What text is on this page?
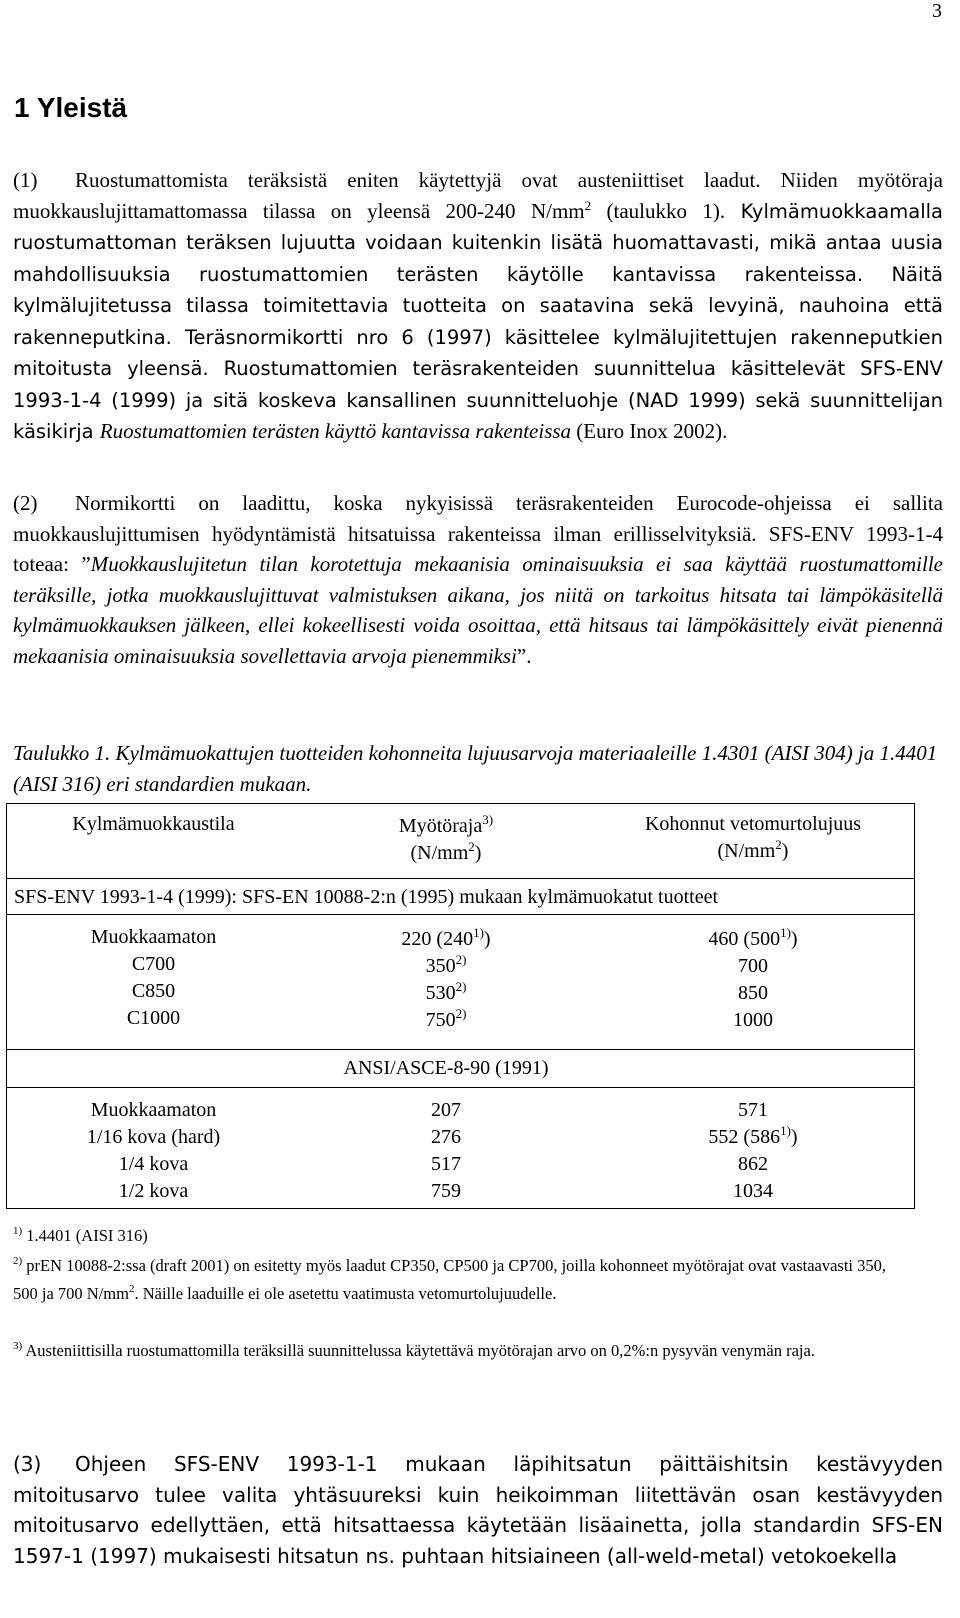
3
1 Yleistä
(1) Ruostumattomista teräksistä eniten käytettyjä ovat austeniittiset laadut. Niiden myötöraja muokkauslujittamattomassa tilassa on yleensä 200-240 $N/mm^2$ (taulukko 1). Kylmämuokkaamalla ruostumattoman teräksen lujuutta voidaan kuitenkin lisätä huomattavasti, mikä antaa uusia mahdollisuuksia ruostumattomien terästen käytölle kantavissa rakenteissa. Näitä kylmälujitetussa tilassa toimitettavia tuotteita on saatavina sekä levyinä, nauhoina että rakenneputkina. Teräsnormikortti nro 6 (1997) käsittelee kylmälujitettujen rakenneputkien mitoitusta yleensä. Ruostumattomien teräsrakenteiden suunnittelua käsittelevät SFS-ENV 1993-1-4 (1999) ja sitä koskeva kansallinen suunnitteluohje (NAD 1999) sekä suunnittelijan käsikirja Ruostumattomien terästen käyttö kantavissa rakenteissa (Euro Inox 2002).
(2) Normikortti on laadittu, koska nykyisissä teräsrakenteiden Eurocode-ohjeissa ei sallita muokkauslujittumisen hyödyntämistä hitsatuissa rakenteissa ilman erillisselvityksiä. SFS-ENV 1993-1-4 toteaa: ”Muokkauslujitetun tilan korotettuja mekaanisia ominaisuuksia ei saa käyttää ruostumattomille teräksille, jotka muokkauslujittuvat valmistuksen aikana, jos niitä on tarkoitus hitsata tai lämpökäsitellä kylmämuokkauksen jälkeen, ellei kokeellisesti voida osoittaa, että hitsaus tai lämpökäsittely eivät pienennä mekaanisia ominaisuuksia sovellettavia arvoja pienemmiksi”.
Taulukko 1. Kylmämuokattujen tuotteiden kohonneita lujuusarvoja materiaaleille 1.4301 (AISI 304) ja 1.4401 (AISI 316) eri standardien mukaan.
Kylmämuokkaustila	Myötöraja$^{3)}$
$(N/mm^2)$
Kohonnut vetomurtolujuus
$(N/mm^2)$
SFS-ENV 1993-1-4 (1999): SFS-EN 10088-2:n (1995) mukaan kylmämuokatut tuotteet
Muokkaamaton
C700
C850
C1000
220 (240$^{1)}$)
350$^{2)}$
530$^{2)}$
750$^{2)}$
460 (500$^{1)}$)
700
850
1000
ANSI/ASCE-8-90 (1991)
Muokkaamaton
1/16 kova (hard)
1/4 kova
1/2 kova
207
276
517
759
571
552 (586$^{1)}$)
862
1034
$^{1)}$ 1.4401 (AISI 316)
$^{2)}$ prEN 10088-2:ssa (draft 2001) on esitetty myös laadut CP350, CP500 ja CP700, joilla kohonneet myötörajat ovat vastaavasti 350, 500 ja 700 $N/mm^2$. Näille laaduille ei ole asetettu vaatimusta vetomurtolujuudelle.
$^{3)}$ Austeniittisilla ruostumattomilla teräksillä suunnittelussa käytettävä myötörajan arvo on 0,2%:n pysyvän venymän raja.
(3) Ohjeen SFS-ENV 1993-1-1 mukaan läpihitsatun päittäishitsin kestävyyden mitoitusarvo tulee valita yhtäsuureksi kuin heikoimman liitettävän osan kestävyyden mitoitusarvo edellyttäen, että hitsattaessa käytetään lisäainetta, jolla standardin SFS-EN 1597-1 (1997) mukaisesti hitsatun ns. puhtaan hitsiaineen (all-weld-metal) vetokoekella
